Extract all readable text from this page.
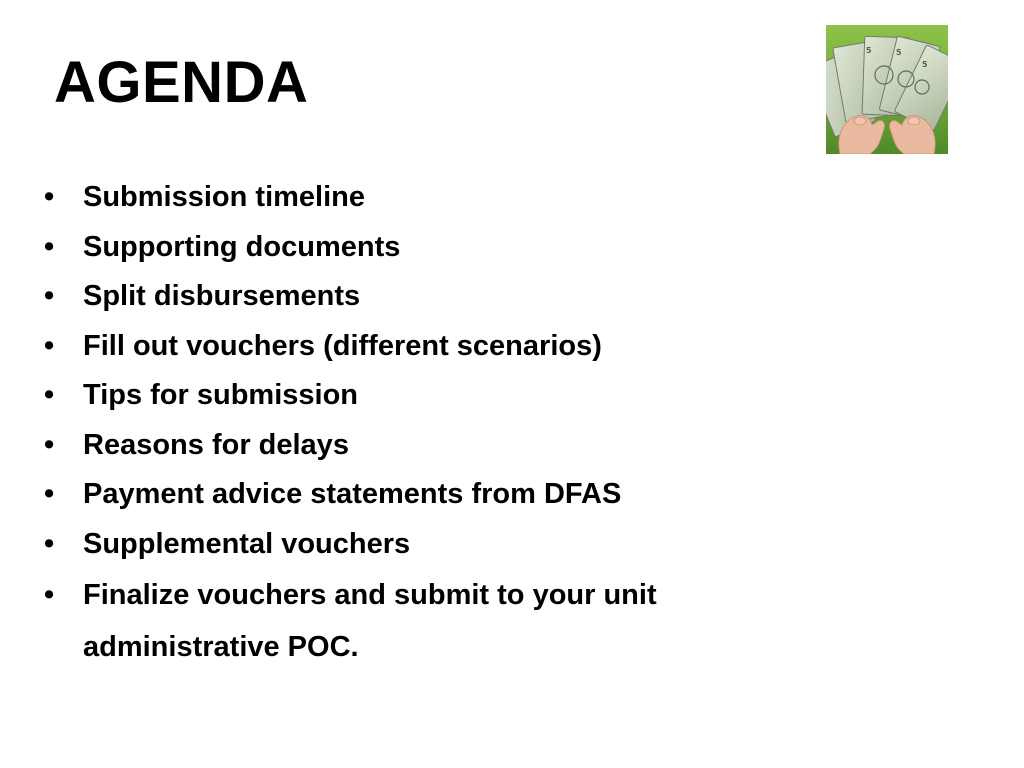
AGENDA	5	5
5
• Submission timeline
• Supporting documents
• Split disbursements
• Fill out vouchers (different scenarios)
• Tips for submission
• Reasons for delays
• Payment advice statements from DFAS
• Supplemental vouchers
• Finalize vouchers and submit to your unit administrative POC.
